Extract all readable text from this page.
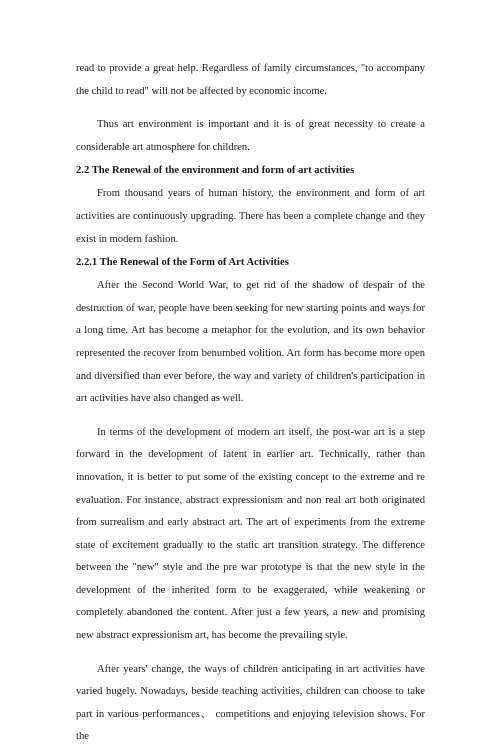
read to provide a great help. Regardless of family circumstances, "to accompany the child to read" will not be affected by economic income.

Thus art environment is important and it is of great necessity to create a considerable art atmosphere for children.

2.2 The Renewal of the environment and form of art activities

From thousand years of human history, the environment and form of art activities are continuously upgrading. There has been a complete change and they exist in modern fashion.

2.2.1 The Renewal of the Form of Art Activities

After the Second World War, to get rid of the shadow of despair of the destruction of war, people have been seeking for new starting points and ways for a long time. Art has become a metaphor for the evolution, and its own behavior represented the recover from benumbed volition. Art form has become more open and diversified than ever before, the way and variety of children's participation in art activities have also changed as well.

In terms of the development of modern art itself, the post-war art is a step forward in the development of latent in earlier art. Technically, rather than innovation, it is better to put some of the existing concept to the extreme and re evaluation. For instance, abstract expressionism and non real art both originated from surrealism and early abstract art. The art of experiments from the extreme state of excitement gradually to the static art transition strategy. The difference between the "new" style and the pre war prototype is that the new style in the development of the inherited form to be exaggerated, while weakening or completely abandoned the content. After just a few years, a new and promising new abstract expressionism art, has become the prevailing style.

After years' change, the ways of children anticipating in art activities have varied hugely. Nowadays, beside teaching activities, children can choose to take part in various performances、 competitions and enjoying television shows. For the
